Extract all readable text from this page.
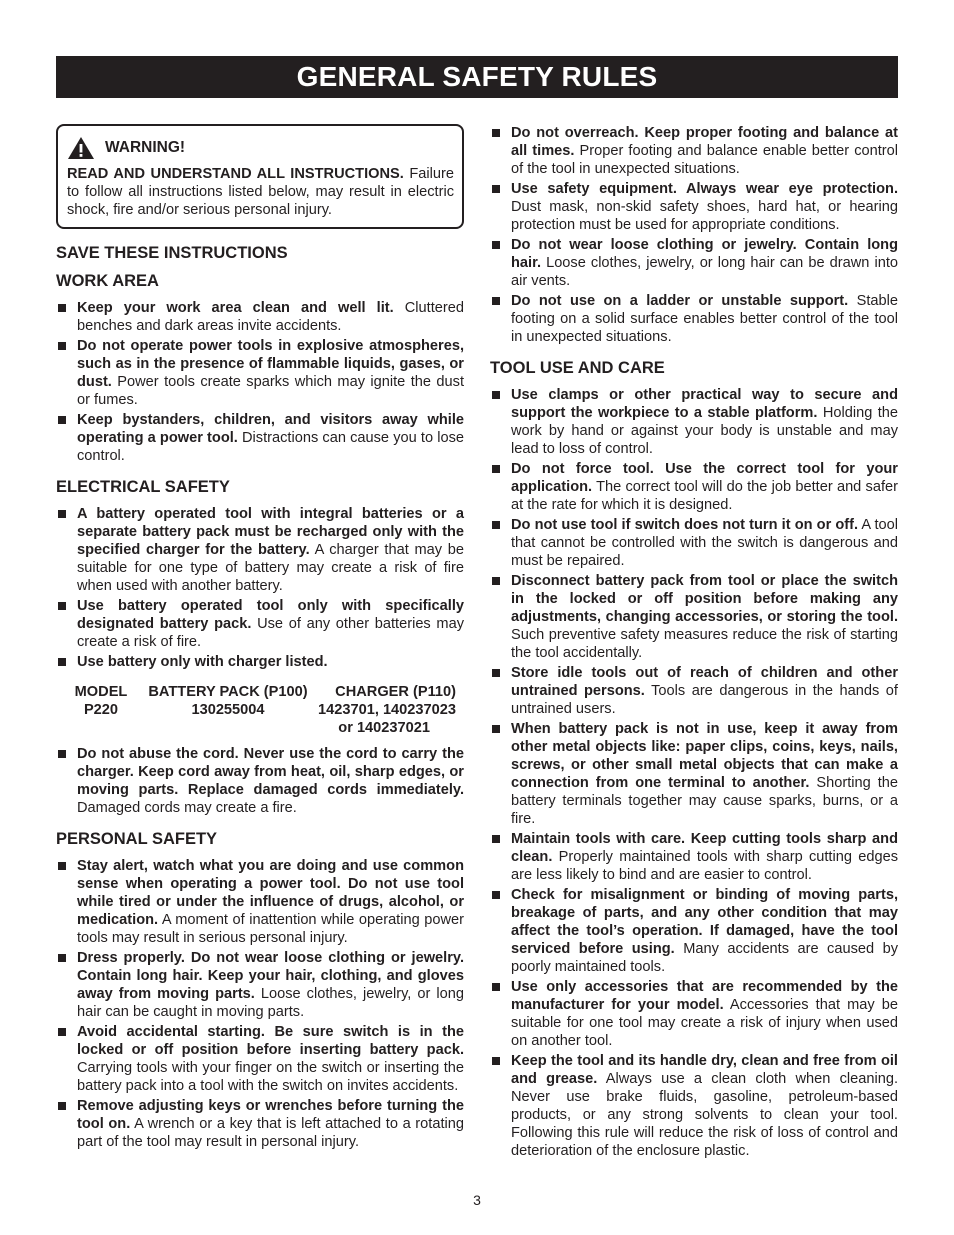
GENERAL SAFETY RULES
WARNING!
READ AND UNDERSTAND ALL INSTRUCTIONS. Failure to follow all instructions listed below, may result in electric shock, fire and/or serious personal injury.
SAVE THESE INSTRUCTIONS
WORK AREA
Keep your work area clean and well lit. Cluttered benches and dark areas invite accidents.
Do not operate power tools in explosive atmospheres, such as in the presence of flammable liquids, gases, or dust. Power tools create sparks which may ignite the dust or fumes.
Keep bystanders, children, and visitors away while operating a power tool. Distractions can cause you to lose control.
ELECTRICAL SAFETY
A battery operated tool with integral batteries or a separate battery pack must be recharged only with the specified charger for the battery. A charger that may be suitable for one type of battery may create a risk of fire when used with another battery.
Use battery operated tool only with specifically designated battery pack. Use of any other batteries may create a risk of fire.
Use battery only with charger listed.
MODEL	BATTERY PACK (P100)	CHARGER (P110)
P220	130255004	1423701, 140237023
or 140237021
Do not abuse the cord. Never use the cord to carry the charger. Keep cord away from heat, oil, sharp edges, or moving parts. Replace damaged cords immediately. Damaged cords may create a fire.
PERSONAL SAFETY
Stay alert, watch what you are doing and use common sense when operating a power tool. Do not use tool while tired or under the influence of drugs, alcohol, or medication. A moment of inattention while operating power tools may result in serious personal injury.
Dress properly. Do not wear loose clothing or jewelry. Contain long hair. Keep your hair, clothing, and gloves away from moving parts. Loose clothes, jewelry, or long hair can be caught in moving parts.
Avoid accidental starting. Be sure switch is in the locked or off position before inserting battery pack. Carrying tools with your finger on the switch or inserting the battery pack into a tool with the switch on invites accidents.
Remove adjusting keys or wrenches before turning the tool on. A wrench or a key that is left attached to a rotating part of the tool may result in personal injury.
Do not overreach. Keep proper footing and balance at all times. Proper footing and balance enable better control of the tool in unexpected situations.
Use safety equipment. Always wear eye protection. Dust mask, non-skid safety shoes, hard hat, or hearing protection must be used for appropriate conditions.
Do not wear loose clothing or jewelry. Contain long hair. Loose clothes, jewelry, or long hair can be drawn into air vents.
Do not use on a ladder or unstable support. Stable footing on a solid surface enables better control of the tool in unexpected situations.
TOOL USE AND CARE
Use clamps or other practical way to secure and support the workpiece to a stable platform. Holding the work by hand or against your body is unstable and may lead to loss of control.
Do not force tool. Use the correct tool for your application. The correct tool will do the job better and safer at the rate for which it is designed.
Do not use tool if switch does not turn it on or off. A tool that cannot be controlled with the switch is dangerous and must be repaired.
Disconnect battery pack from tool or place the switch in the locked or off position before making any adjustments, changing accessories, or storing the tool. Such preventive safety measures reduce the risk of starting the tool accidentally.
Store idle tools out of reach of children and other untrained persons. Tools are dangerous in the hands of untrained users.
When battery pack is not in use, keep it away from other metal objects like: paper clips, coins, keys, nails, screws, or other small metal objects that can make a connection from one terminal to another. Shorting the battery terminals together may cause sparks, burns, or a fire.
Maintain tools with care. Keep cutting tools sharp and clean. Properly maintained tools with sharp cutting edges are less likely to bind and are easier to control.
Check for misalignment or binding of moving parts, breakage of parts, and any other condition that may affect the tool’s operation. If damaged, have the tool serviced before using. Many accidents are caused by poorly maintained tools.
Use only accessories that are recommended by the manufacturer for your model. Accessories that may be suitable for one tool may create a risk of injury when used on another tool.
Keep the tool and its handle dry, clean and free from oil and grease. Always use a clean cloth when cleaning. Never use brake fluids, gasoline, petroleum-based products, or any strong solvents to clean your tool. Following this rule will reduce the risk of loss of control and deterioration of the enclosure plastic.
3
